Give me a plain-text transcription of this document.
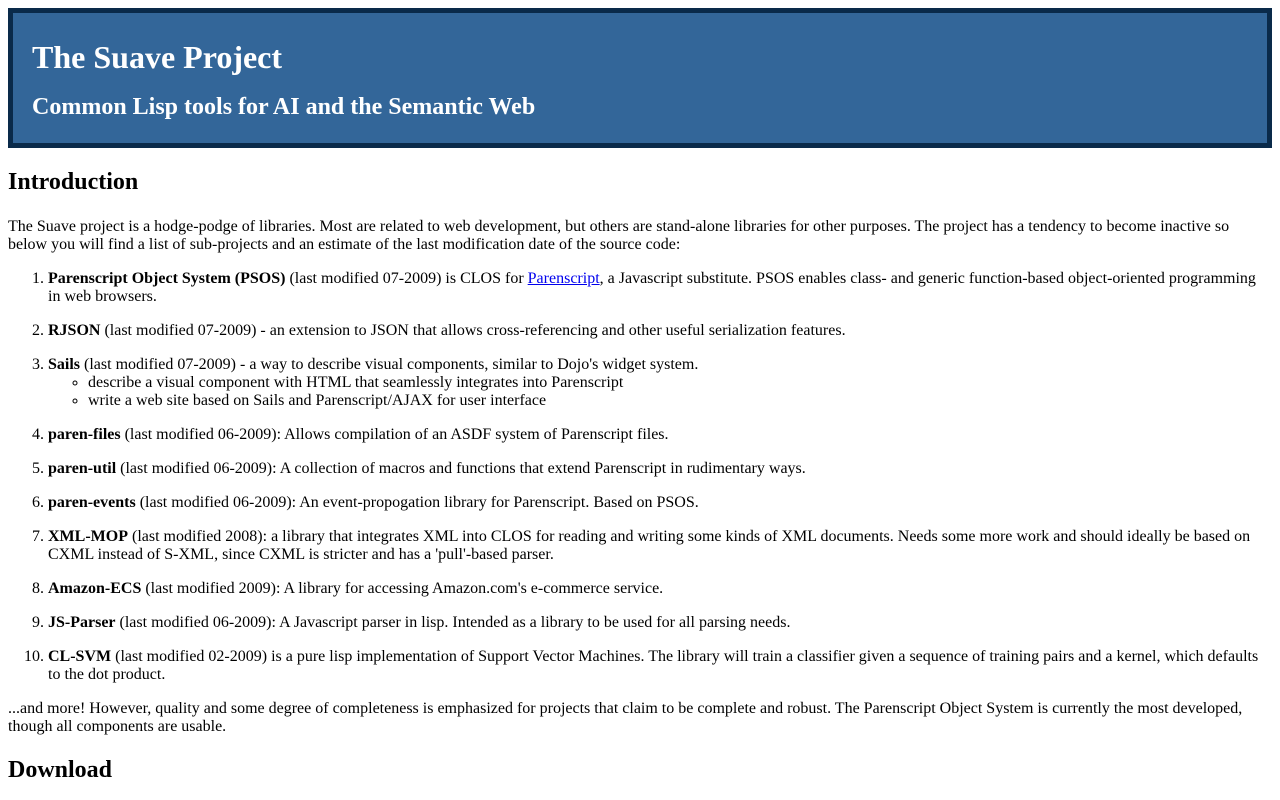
The Suave Project
Common Lisp tools for AI and the Semantic Web
Introduction

The Suave project is a hodge-podge of libraries. Most are related to web development, but others are stand-alone libraries for other purposes. The project has a tendency to become inactive so below you will find a list of sub-projects and an estimate of the last modification date of the source code:

1. Parenscript Object System (PSOS) (last modified 07-2009) is CLOS for Parenscript, a Javascript substitute. PSOS enables class- and generic function-based object-oriented programming in web browsers.
2. RJSON (last modified 07-2009) - an extension to JSON that allows cross-referencing and other useful serialization features.
3. Sails (last modified 07-2009) - a way to describe visual components, similar to Dojo's widget system.
◦ describe a visual component with HTML that seamlessly integrates into Parenscript
◦ write a web site based on Sails and Parenscript/AJAX for user interface
4. paren-files (last modified 06-2009): Allows compilation of an ASDF system of Parenscript files.
5. paren-util (last modified 06-2009): A collection of macros and functions that extend Parenscript in rudimentary ways.
6. paren-events (last modified 06-2009): An event-propogation library for Parenscript. Based on PSOS.
7. XML-MOP (last modified 2008): a library that integrates XML into CLOS for reading and writing some kinds of XML documents. Needs some more work and should ideally be based on CXML instead of S-XML, since CXML is stricter and has a 'pull'-based parser.
8. Amazon-ECS (last modified 2009): A library for accessing Amazon.com's e-commerce service.
9. JS-Parser (last modified 06-2009): A Javascript parser in lisp. Intended as a library to be used for all parsing needs.
10. CL-SVM (last modified 02-2009) is a pure lisp implementation of Support Vector Machines. The library will train a classifier given a sequence of training pairs and a kernel, which defaults to the dot product.

...and more! However, quality and some degree of completeness is emphasized for projects that claim to be complete and robust. The Parenscript Object System is currently the most developed, though all components are usable.

Download
